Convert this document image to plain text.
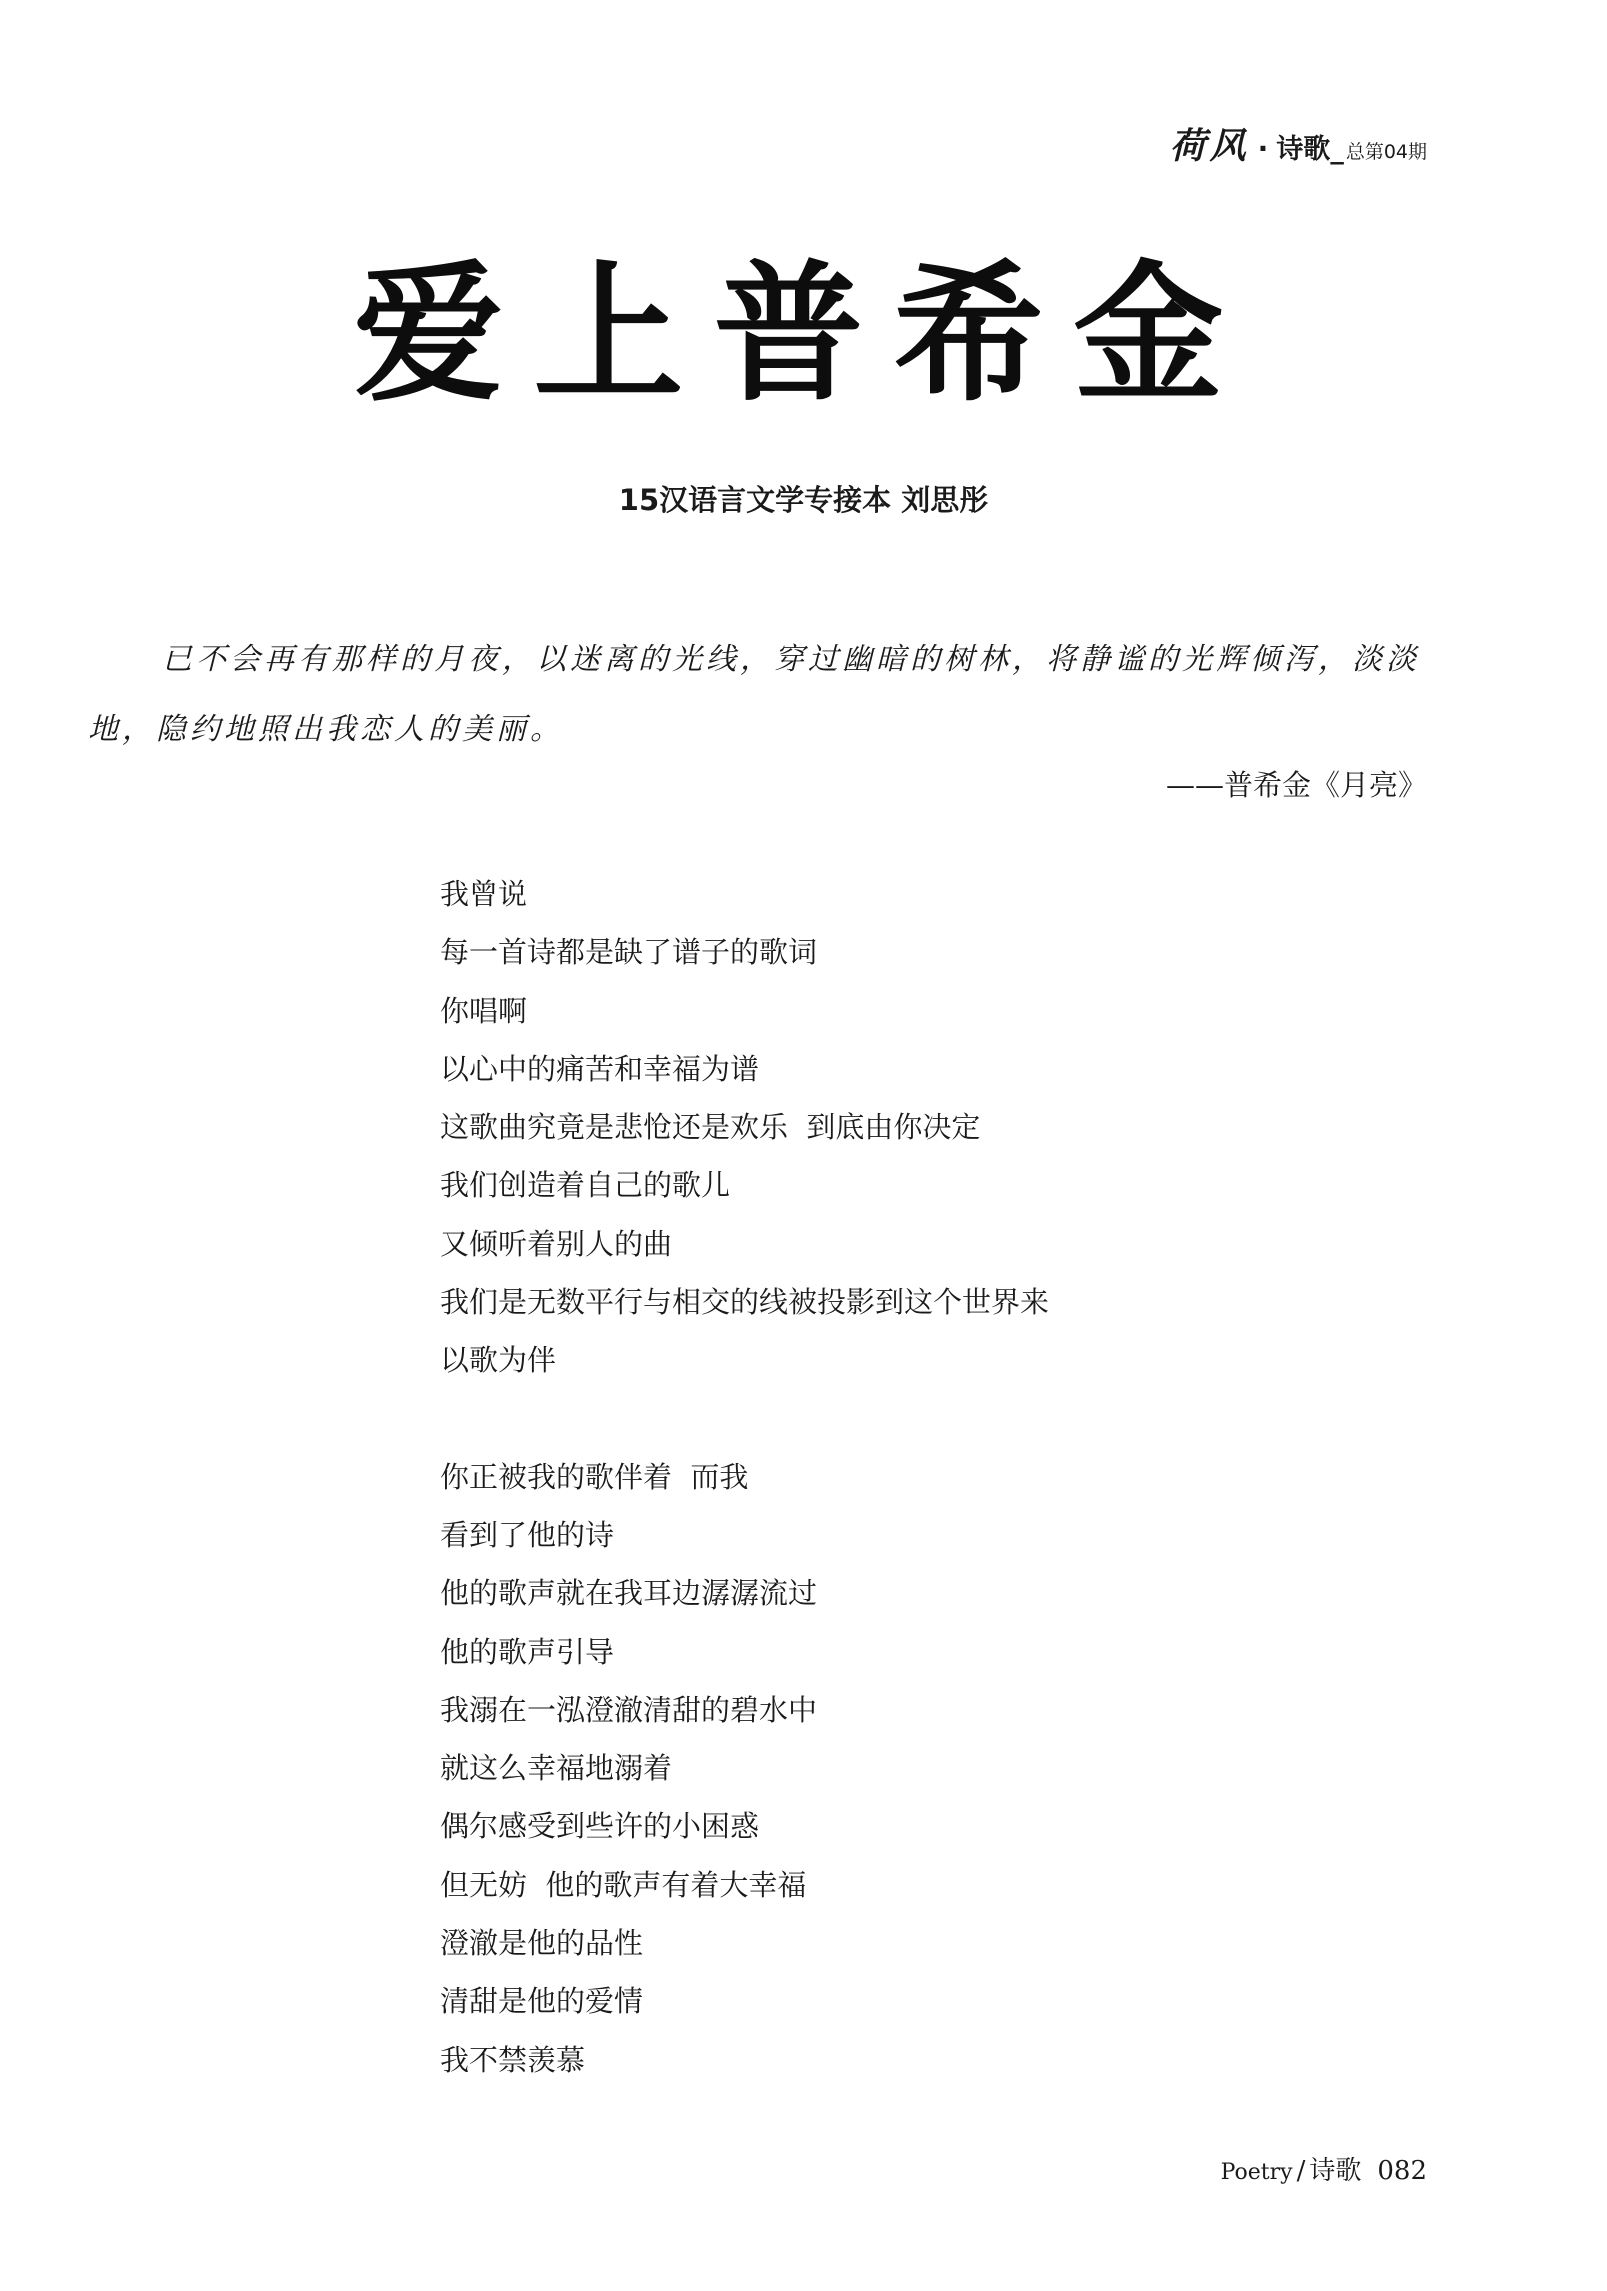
荷风 · 诗歌 _ 总第04期
爱上普希金
15汉语言文学专接本 刘思彤
已不会再有那样的月夜，以迷离的光线，穿过幽暗的树林，将静谧的光辉倾泻，淡淡地，隐约地照出我恋人的美丽。
——普希金《月亮》
我曾说
每一首诗都是缺了谱子的歌词
你唱啊
以心中的痛苦和幸福为谱
这歌曲究竟是悲怆还是欢乐  到底由你决定
我们创造着自己的歌儿
又倾听着别人的曲
我们是无数平行与相交的线被投影到这个世界来
以歌为伴
你正被我的歌伴着  而我
看到了他的诗
他的歌声就在我耳边潺潺流过
他的歌声引导
我溺在一泓澄澈清甜的碧水中
就这么幸福地溺着
偶尔感受到些许的小困惑
但无妨  他的歌声有着大幸福
澄澈是他的品性
清甜是他的爱情
我不禁羡慕
Poetry / 诗歌 082
